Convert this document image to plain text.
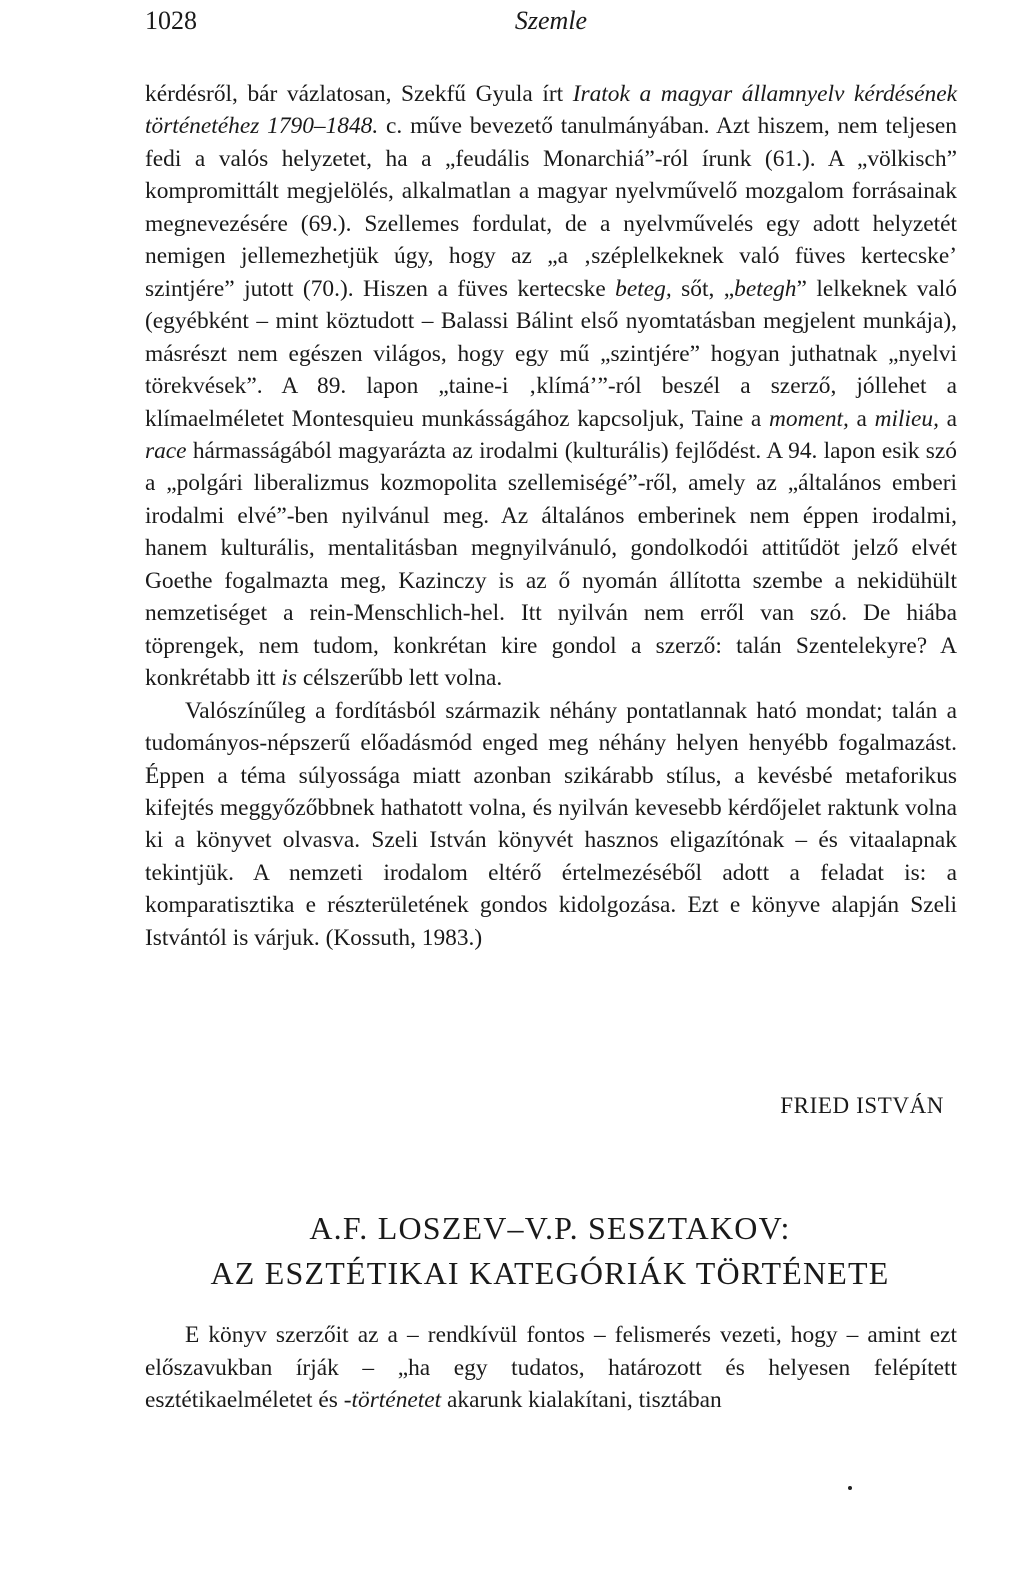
1028	Szemle

kérdésről, bár vázlatosan, Szekfű Gyula írt Iratok a magyar államnyelv kérdésének történetéhez 1790–1848. c. műve bevezető tanulmányában. Azt hiszem, nem teljesen fedi a valós helyzetet, ha a „feudális Monarchiá”-ról írunk (61.). A „völkisch” kompromittált megjelölés, alkalmatlan a magyar nyelvművelő mozgalom forrásainak megnevezésére (69.). Szellemes fordulat, de a nyelvművelés egy adott helyzetét nemigen jellemezhetjük úgy, hogy az „a ‚széplelkeknek való füves kertecske’ szintjére” jutott (70.). Hiszen a füves kertecske beteg, sőt, „betegh” lelkeknek való (egyébként – mint köztudott – Balassi Bálint első nyomtatásban megjelent munkája), másrészt nem egészen világos, hogy egy mű „szintjére” hogyan juthatnak „nyelvi törekvések”. A 89. lapon „taine-i ‚klímá’”-ról beszél a szerző, jóllehet a klímaelméletet Montesquieu munkásságához kapcsoljuk, Taine a moment, a milieu, a race hármasságából magyarázta az irodalmi (kulturális) fejlődést. A 94. lapon esik szó a „polgári liberalizmus kozmopolita szellemiségé”-ről, amely az „általános emberi irodalmi elvé”-ben nyilvánul meg. Az általános emberinek nem éppen irodalmi, hanem kulturális, mentalitásban megnyilvánuló, gondolkodói attitűdöt jelző elvét Goethe fogalmazta meg, Kazinczy is az ő nyomán állította szembe a nekidühült nemzetiséget a rein-Menschlich-hel. Itt nyilván nem erről van szó. De hiába töprengek, nem tudom, konkrétan kire gondol a szerző: talán Szentelekyre? A konkrétabb itt is célszerűbb lett volna.

Valószínűleg a fordításból származik néhány pontatlannak ható mondat; talán a tudományos-népszerű előadásmód enged meg néhány helyen henyébb fogalmazást. Éppen a téma súlyossága miatt azonban szikárabb stílus, a kevésbé metaforikus kifejtés meggyőzőbbnek hathatott volna, és nyilván kevesebb kérdőjelet raktunk volna ki a könyvet olvasva. Szeli István könyvét hasznos eligazítónak – és vitaalapnak tekintjük. A nemzeti irodalom eltérő értelmezéséből adott a feladat is: a komparatisztika e részterületének gondos kidolgozása. Ezt e könyve alapján Szeli Istvántól is várjuk. (Kossuth, 1983.)

FRIED ISTVÁN
A.F. LOSZEV–V.P. SESZTAKOV:
AZ ESZTÉTIKAI KATEGÓRIÁK TÖRTÉNETE

E könyv szerzőit az a – rendkívül fontos – felismerés vezeti, hogy – amint ezt előszavukban írják – „ha egy tudatos, határozott és helyesen felépített esztétikaelméletet és -történetet akarunk kialakítani, tisztában
